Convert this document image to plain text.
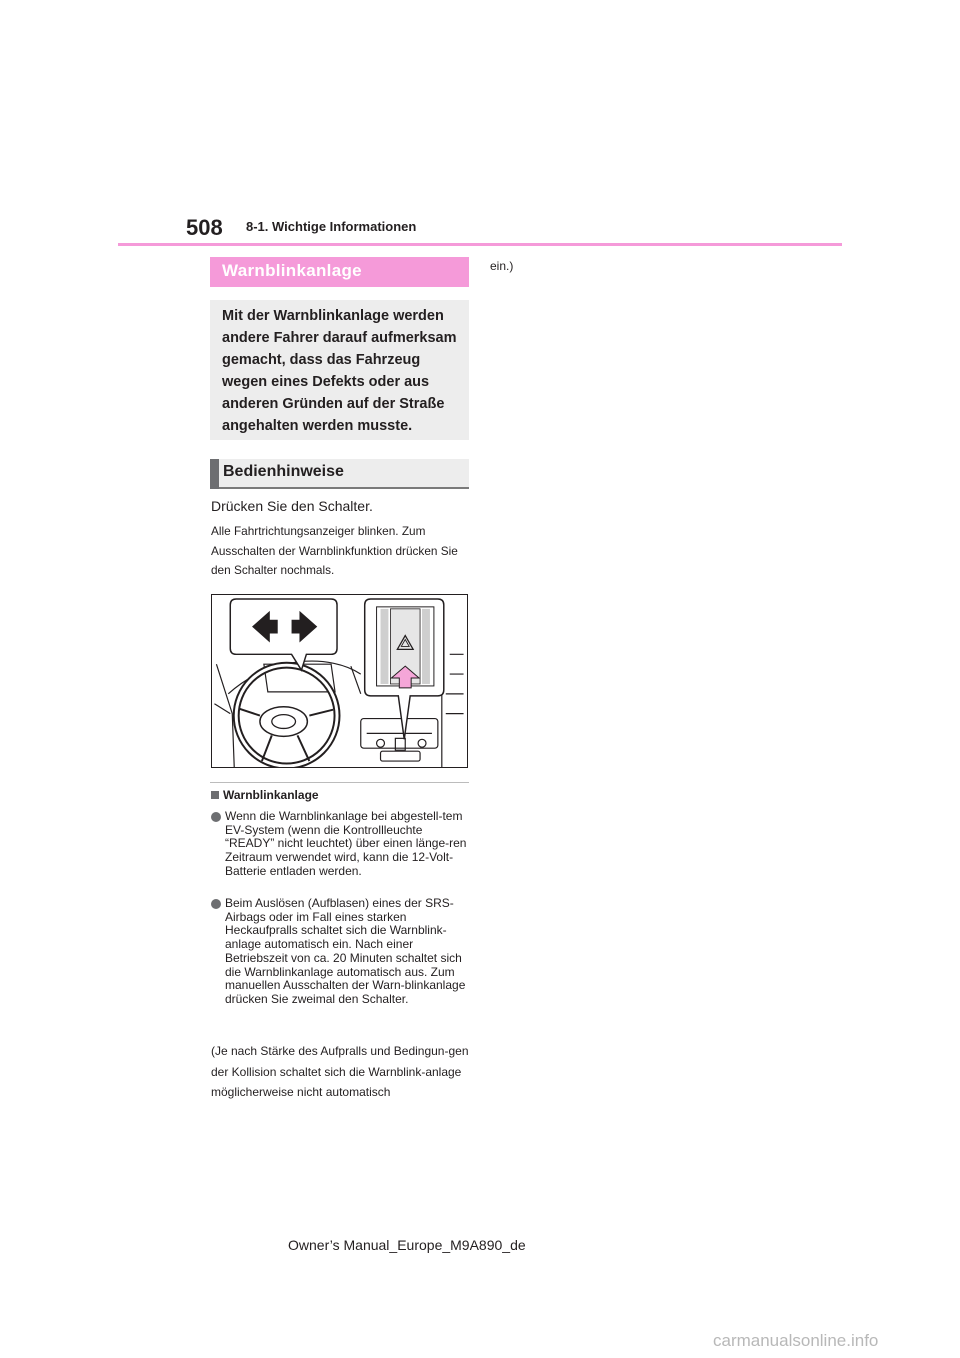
508 8-1. Wichtige Informationen
Warnblinkanlage
Mit der Warnblinkanlage werden andere Fahrer darauf aufmerksam gemacht, dass das Fahrzeug wegen eines Defekts oder aus anderen Gründen auf der Straße angehalten werden musste.
Bedienhinweise
Drücken Sie den Schalter.
Alle Fahrtrichtungsanzeiger blinken. Zum Ausschalten der Warnblinkfunktion drücken Sie den Schalter nochmals.
Warnblinkanlage
Wenn die Warnblinkanlage bei abgestell-tem EV-System (wenn die Kontrollleuchte “READY” nicht leuchtet) über einen länge-ren Zeitraum verwendet wird, kann die 12-Volt-Batterie entladen werden.
Beim Auslösen (Aufblasen) eines der SRS-Airbags oder im Fall eines starken Heckaufpralls schaltet sich die Warnblink-anlage automatisch ein. Nach einer Betriebszeit von ca. 20 Minuten schaltet sich die Warnblinkanlage automatisch aus. Zum manuellen Ausschalten der Warn-blinkanlage drücken Sie zweimal den Schalter.
(Je nach Stärke des Aufpralls und Bedingun-gen der Kollision schaltet sich die Warnblink-anlage möglicherweise nicht automatisch
ein.)
Owner’s Manual_Europe_M9A890_de
carmanualsonline.info
